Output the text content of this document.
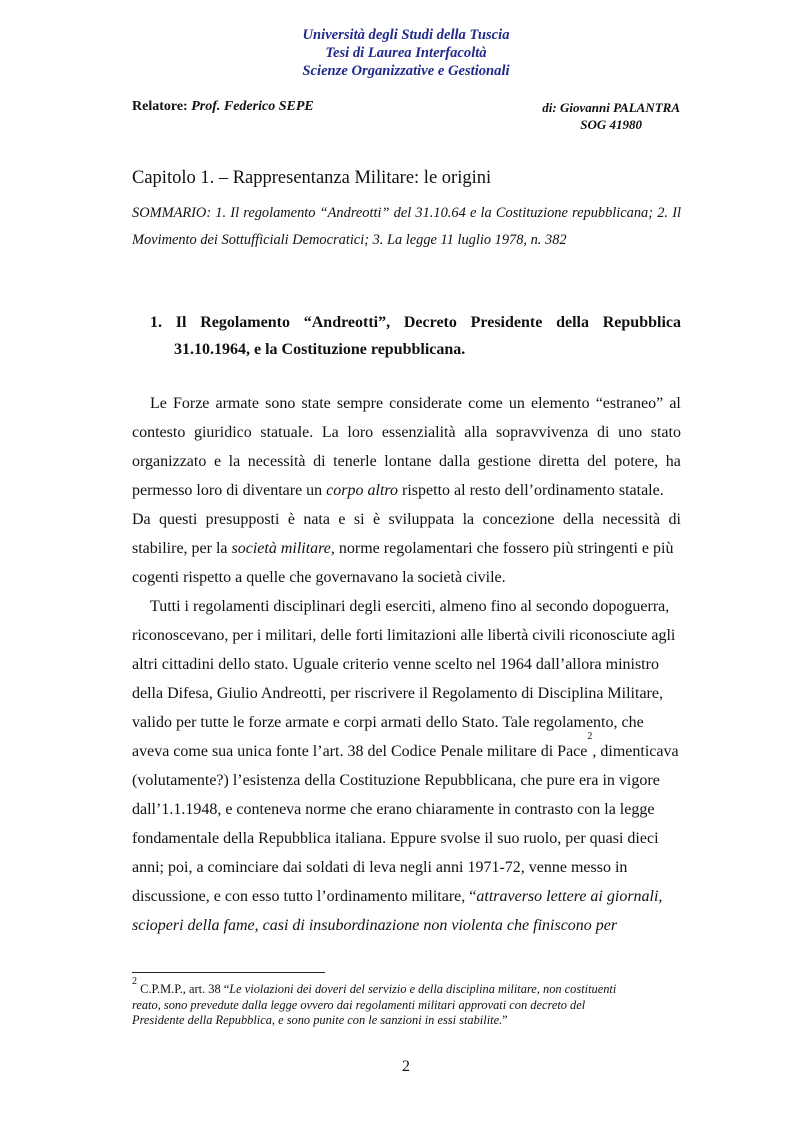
Università degli Studi della Tuscia
Tesi di Laurea Interfacoltà
Scienze Organizzative e Gestionali
Relatore: Prof. Federico SEPE	di: Giovanni PALANTRA
SOG 41980
Capitolo 1. – Rappresentanza Militare: le origini
SOMMARIO: 1. Il regolamento “Andreotti” del 31.10.64 e la Costituzione repubblicana; 2. Il Movimento dei Sottufficiali Democratici; 3. La legge 11 luglio 1978, n. 382
1. Il Regolamento “Andreotti”, Decreto Presidente della Repubblica
31.10.1964, e la Costituzione repubblicana.
Le Forze armate sono state sempre considerate come un elemento “estraneo” al
contesto giuridico statuale. La loro essenzialità alla sopravvivenza di uno stato
organizzato e la necessità di tenerle lontane dalla gestione diretta del potere, ha
permesso loro di diventare un corpo altro rispetto al resto dell’ordinamento statale.
Da questi presupposti è nata e si è sviluppata la concezione della necessità di
stabilire, per la società militare , norme regolamentari che fossero più stringenti e più
cogenti rispetto a quelle che governavano la società civile.
Tutti i regolamenti disciplinari degli eserciti, almeno fino al secondo dopoguerra,
riconoscevano, per i militari, delle forti limitazioni alle libertà civili riconosciute agli
altri cittadini dello stato. Uguale criterio venne scelto nel 1964 dall’allora ministro
della Difesa, Giulio Andreotti, per riscrivere il Regolamento di Disciplina Militare,
valido per tutte le forze armate e corpi armati dello Stato. Tale regolamento, che
aveva come sua unica fonte l’art. 38 del Codice Penale militare di Pace
2
, dimenticava
(volutamente?) l’esistenza della Costituzione Repubblicana, che pure era in vigore
dall’1.1.1948, e conteneva norme che erano chiaramente in contrasto con la legge
fondamentale della Repubblica italiana. Eppure svolse il suo ruolo, per quasi dieci
anni; poi, a cominciare dai soldati di leva negli anni 1971-72, venne messo in
discussione, e con esso tutto l’ordinamento militare, “ attraverso lettere ai giornali,
scioperi della fame, casi di insubordinazione non violenta che finiscono per
2
C.P.M.P., art. 38 “ Le violazioni dei doveri del servizio e della disciplina militare, non costituenti
reato, sono prevedute dalla legge ovvero dai regolamenti militari approvati con decreto del
Presidente della Repubblica, e sono punite con le sanzioni in essi stabilite. ”
2
